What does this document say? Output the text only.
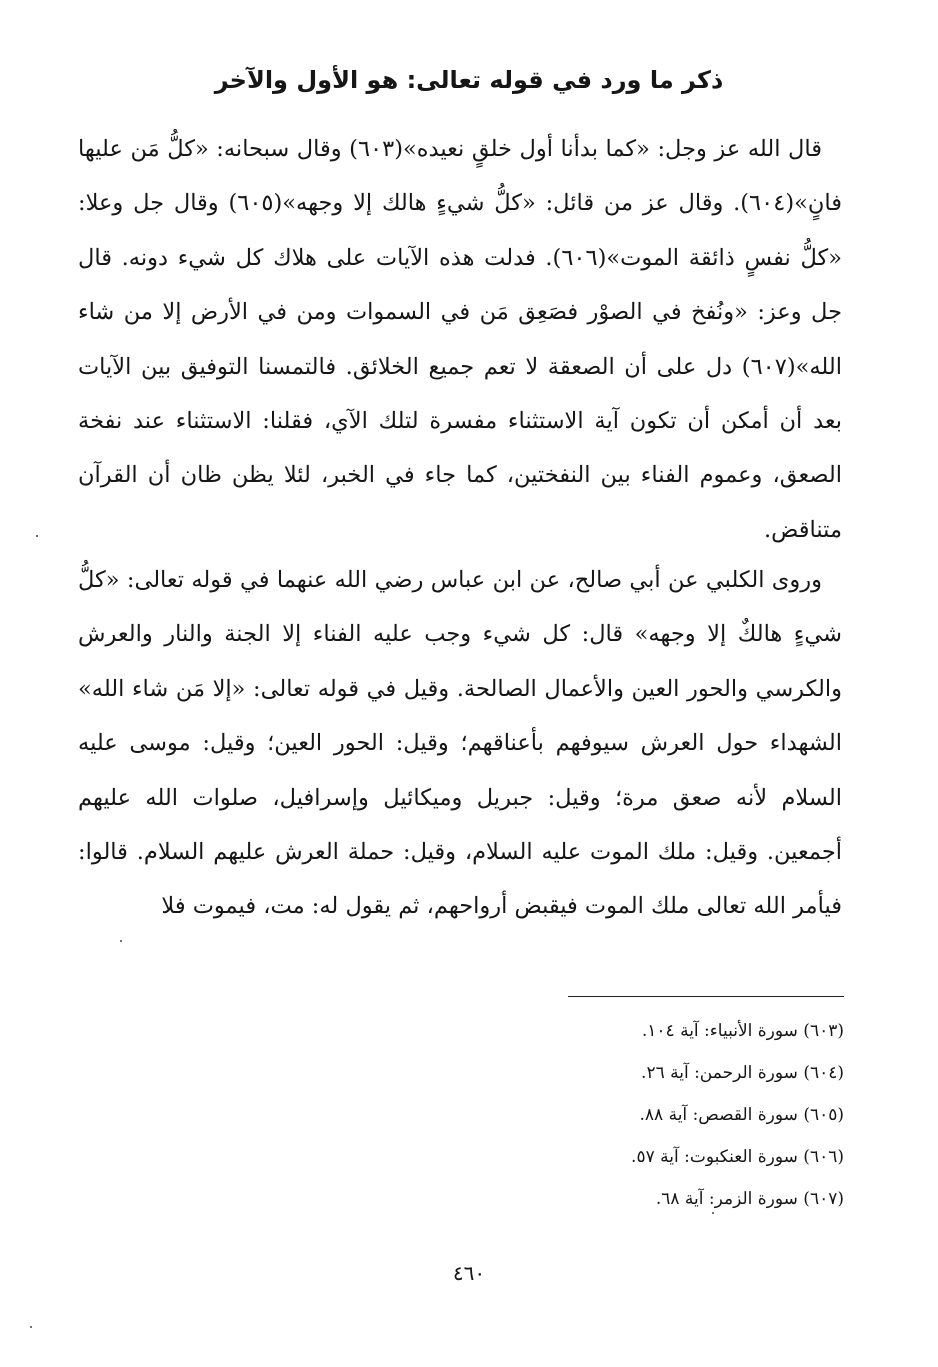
ذكر ما ورد في قوله تعالى: هو الأول والآخر

قال الله عز وجل: «كما بدأنا أول خلقٍ نعيده»(٦٠٣) وقال سبحانه: «كلُّ مَن عليها فانٍ»(٦٠٤). وقال عز من قائل: «كلُّ شيءٍ هالك إلا وجهه»(٦٠٥) وقال جل وعلا: «كلُّ نفسٍ ذائقة الموت»(٦٠٦). فدلت هذه الآيات على هلاك كل شيء دونه. قال جل وعز: «ونُفخ في الصوْر فصَعِق مَن في السموات ومن في الأرض إلا من شاء الله»(٦٠٧) دل على أن الصعقة لا تعم جميع الخلائق. فالتمسنا التوفيق بين الآيات بعد أن أمكن أن تكون آية الاستثناء مفسرة لتلك الآي، فقلنا: الاستثناء عند نفخة الصعق، وعموم الفناء بين النفختين، كما جاء في الخبر، لئلا يظن ظان أن القرآن متناقض.

وروى الكلبي عن أبي صالح، عن ابن عباس رضي الله عنهما في قوله تعالى: «كلُّ شيءٍ هالكٌ إلا وجهه» قال: كل شيء وجب عليه الفناء إلا الجنة والنار والعرش والكرسي والحور العين والأعمال الصالحة. وقيل في قوله تعالى: «إلا مَن شاء الله» الشهداء حول العرش سيوفهم بأعناقهم؛ وقيل: الحور العين؛ وقيل: موسى عليه السلام لأنه صعق مرة؛ وقيل: جبريل وميكائيل وإسرافيل، صلوات الله عليهم أجمعين. وقيل: ملك الموت عليه السلام، وقيل: حملة العرش عليهم السلام. قالوا: فيأمر الله تعالى ملك الموت فيقبض أرواحهم، ثم يقول له: مت، فيموت فلا

(٦٠٣) سورة الأنبياء: آية ١٠٤.
(٦٠٤) سورة الرحمن: آية ٢٦.
(٦٠٥) سورة القصص: آية ٨٨.
(٦٠٦) سورة العنكبوت: آية ٥٧.
(٦٠٧) سورة الزمر: آية ٦٨.
٤٦٠
